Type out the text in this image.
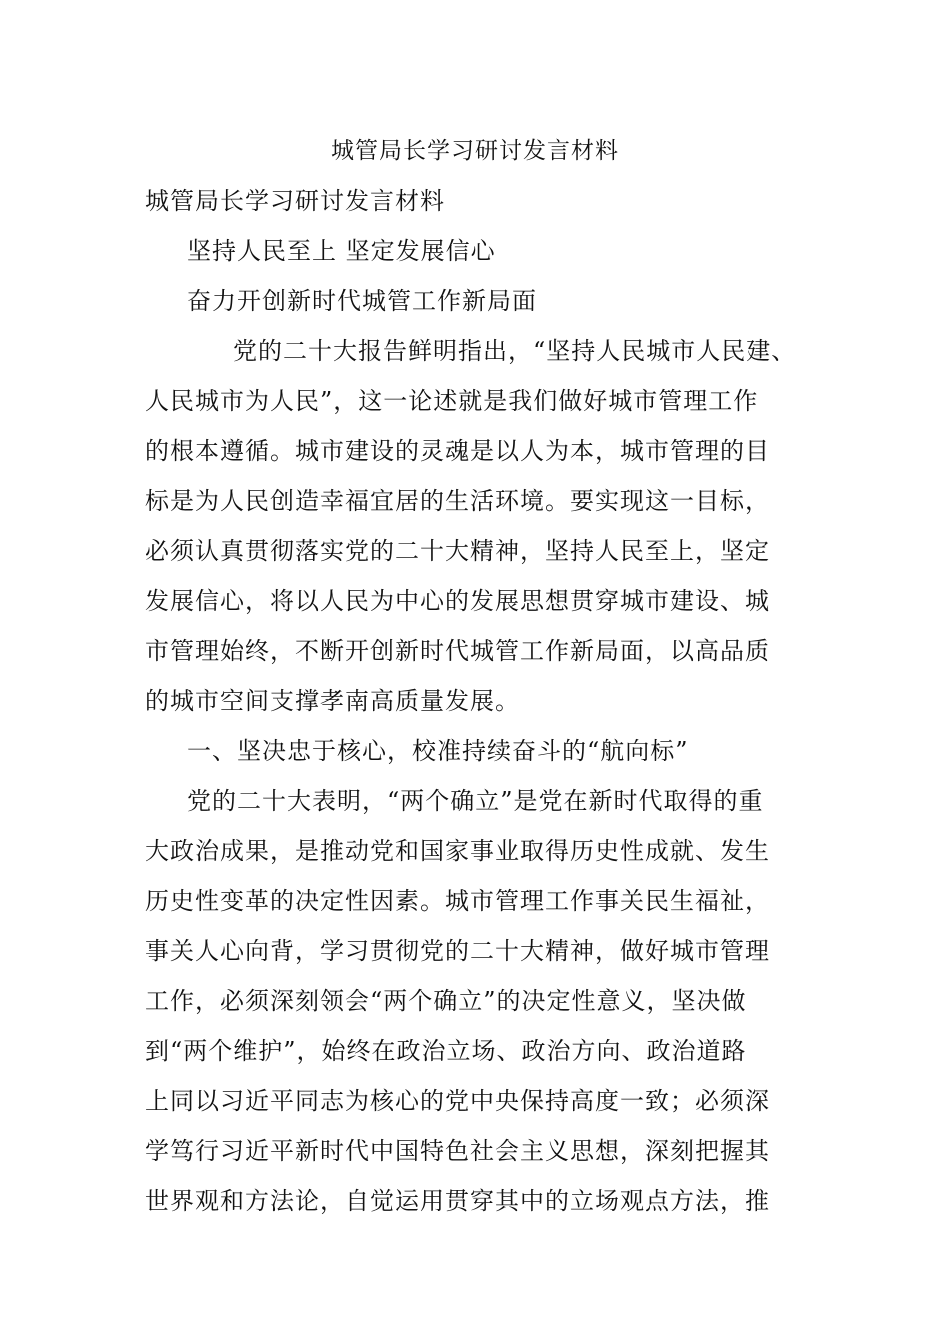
城管局长学习研讨发言材料
城管局长学习研讨发言材料
坚持人民至上 坚定发展信心
奋力开创新时代城管工作新局面
党的二十大报告鲜明指出，“坚持人民城市人民建、
人民城市为人民”，这一论述就是我们做好城市管理工作
的根本遵循。城市建设的灵魂是以人为本，城市管理的目
标是为人民创造幸福宜居的生活环境。要实现这一目标，
必须认真贯彻落实党的二十大精神，坚持人民至上，坚定
发展信心，将以人民为中心的发展思想贯穿城市建设、城
市管理始终，不断开创新时代城管工作新局面，以高品质
的城市空间支撑孝南高质量发展。
一、坚决忠于核心，校准持续奋斗的“航向标”
党的二十大表明，“两个确立”是党在新时代取得的重
大政治成果，是推动党和国家事业取得历史性成就、发生
历史性变革的决定性因素。城市管理工作事关民生福祉，
事关人心向背，学习贯彻党的二十大精神，做好城市管理
工作，必须深刻领会“两个确立”的决定性意义，坚决做
到“两个维护”，始终在政治立场、政治方向、政治道路
上同以习近平同志为核心的党中央保持高度一致；必须深
学笃行习近平新时代中国特色社会主义思想，深刻把握其
世界观和方法论，自觉运用贯穿其中的立场观点方法，推
